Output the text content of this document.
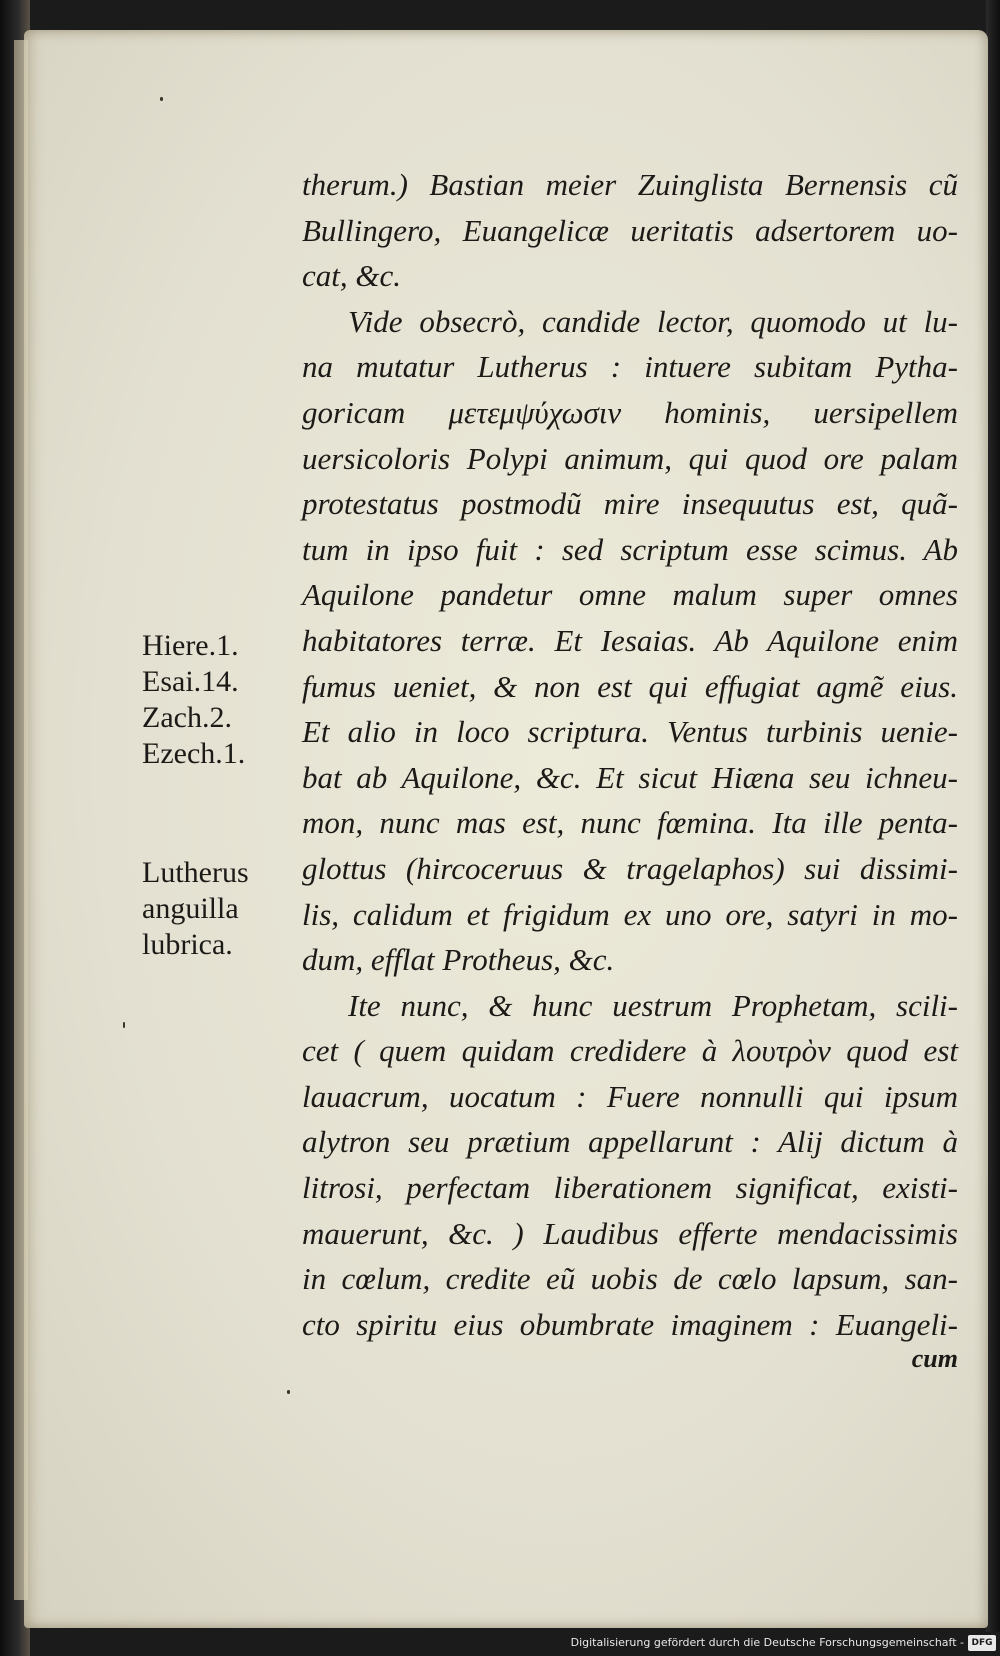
therum.) Bastian meier Zuinglista Bernensis cũ
Bullingero, Euangelicæ ueritatis adsertorem uo-
cat, &c.
Vide obsecrò, candide lector, quomodo ut lu-
na mutatur Lutherus : intuere subitam Pytha-
goricam μετεμψύχωσιν hominis, uersipellem
uersicoloris Polypi animum, qui quod ore palam
protestatus postmodũ mire insequutus est, quã-
tum in ipso fuit : sed scriptum esse scimus. Ab
Aquilone pandetur omne malum super omnes
habitatores terræ. Et Iesaias. Ab Aquilone enim
fumus ueniet, & non est qui effugiat agmẽ eius.
Et alio in loco scriptura. Ventus turbinis uenie-
bat ab Aquilone, &c. Et sicut Hiæna seu ichneu-
mon, nunc mas est, nunc fœmina. Ita ille penta-
glottus (hircoceruus & tragelaphos) sui dissimi-
lis, calidum et frigidum ex uno ore, satyri in mo-
dum, efflat Protheus, &c.
Ite nunc, & hunc uestrum Prophetam, scili-
cet ( quem quidam credidere à λουτρὸν quod est
lauacrum, uocatum : Fuere nonnulli qui ipsum
alytron seu prætium appellarunt : Alij dictum à
litrosi, perfectam liberationem significat, existi-
mauerunt, &c. ) Laudibus efferte mendacissimis
in cœlum, credite eũ uobis de cœlo lapsum, san-
cto spiritu eius obumbrate imaginem : Euangeli-
cum
Hiere.1.
Esai.14.
Zach.2.
Ezech.1.
Lutherus
anguilla
lubrica.
Digitalisierung gefördert durch die Deutsche Forschungsgemeinschaft - DFG
